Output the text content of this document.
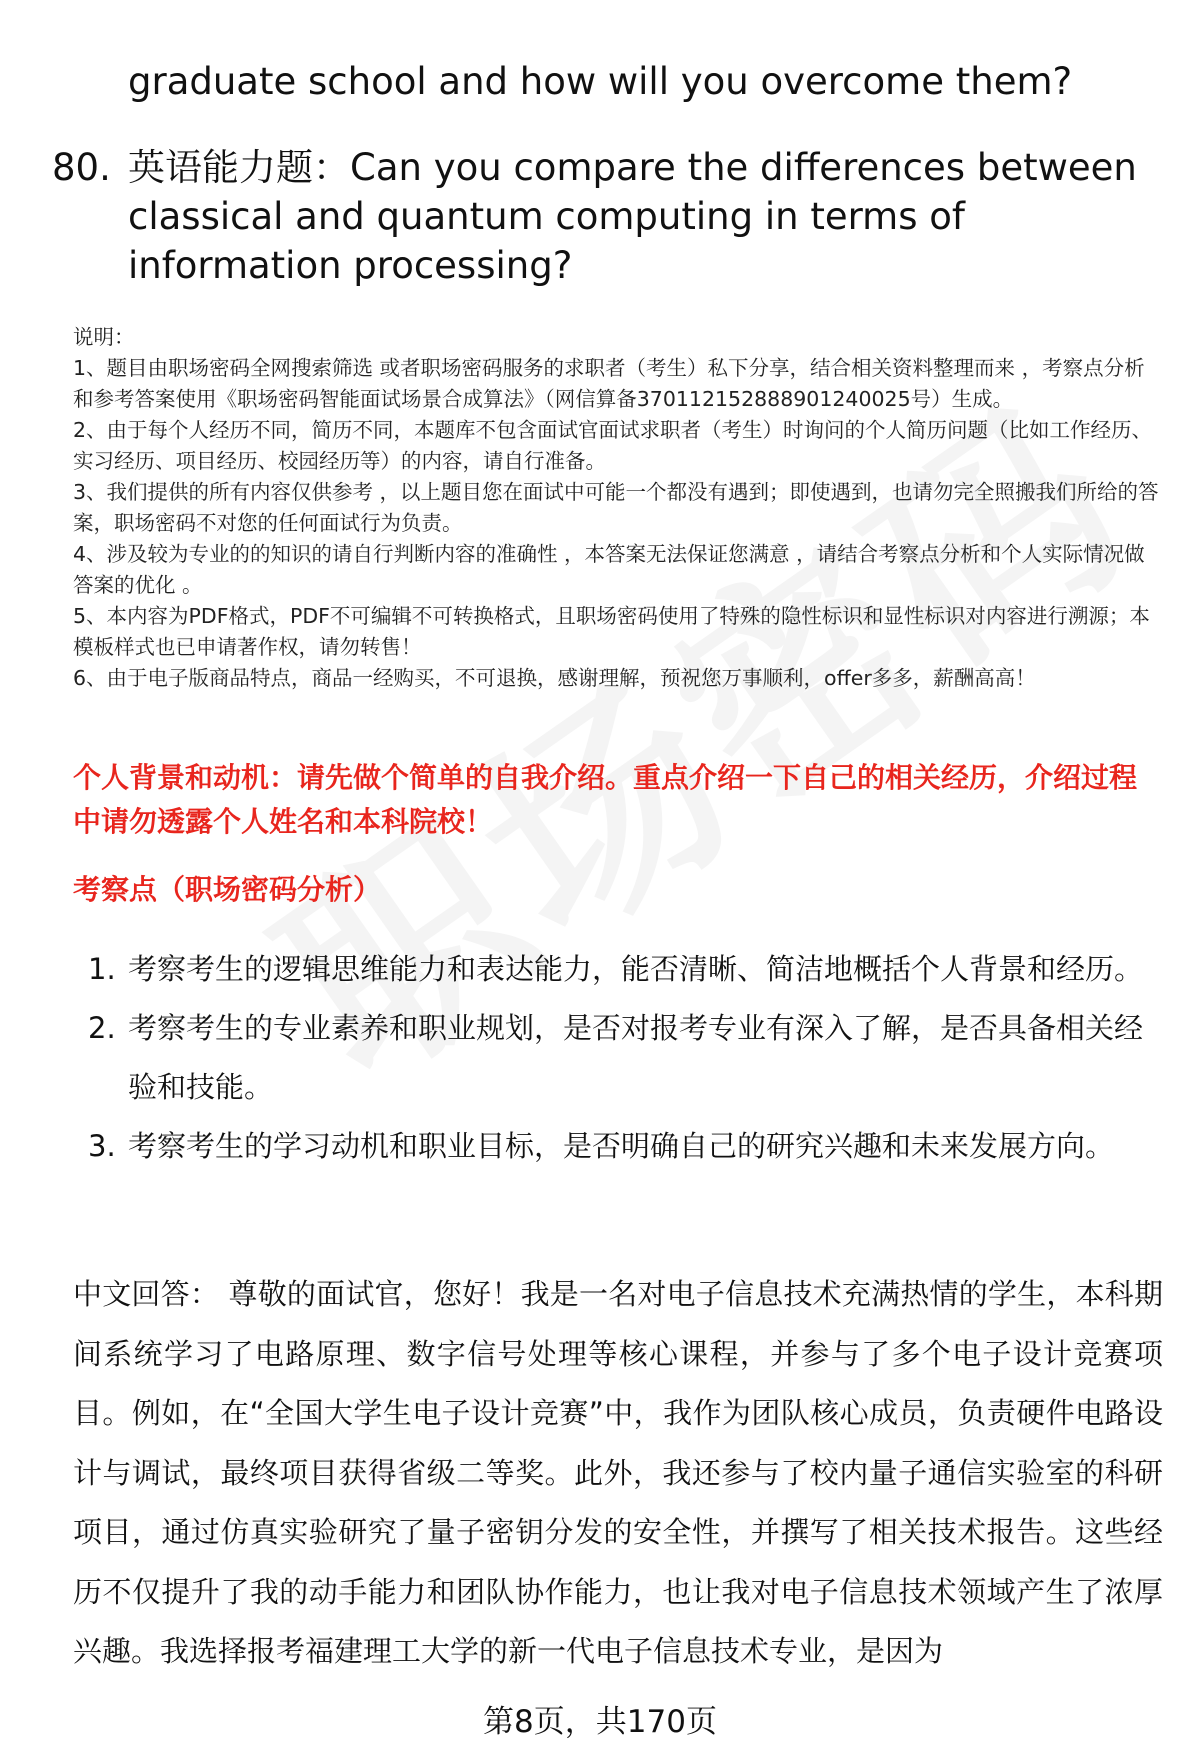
graduate school and how will you overcome them?
80. 英语能力题：Can you compare the differences between classical and quantum computing in terms of information processing?

说明：

1、题目由职场密码全网搜索筛选 或者职场密码服务的求职者（考生）私下分享，结合相关资料整理而来 ，考察点分析和参考答案使用《职场密码智能面试场景合成算法》（网信算备370112152888901240025号）生成。

2、由于每个人经历不同，简历不同，本题库不包含面试官面试求职者（考生）时询问的个人简历问题（比如工作经历、实习经历、项目经历、校园经历等）的内容，请自行准备。

3、我们提供的所有内容仅供参考 ，以上题目您在面试中可能一个都没有遇到；即使遇到，也请勿完全照搬我们所给的答案，职场密码不对您的任何面试行为负责。

4、涉及较为专业的的知识的请自行判断内容的准确性 ，本答案无法保证您满意 ，请结合考察点分析和个人实际情况做答案的优化 。

5、本内容为PDF格式，PDF不可编辑不可转换格式，且职场密码使用了特殊的隐性标识和显性标识对内容进行溯源；本模板样式也已申请著作权，请勿转售！

6、由于电子版商品特点，商品一经购买，不可退换，感谢理解，预祝您万事顺利，offer多多，薪酬高高！

个人背景和动机：请先做个简单的自我介绍。重点介绍一下自己的相关经历，介绍过程中请勿透露个人姓名和本科院校！
考察点（职场密码分析）
1. 考察考生的逻辑思维能力和表达能力，能否清晰、简洁地概括个人背景和经历。
2. 考察考生的专业素养和职业规划，是否对报考专业有深入了解，是否具备相关经验和技能。
3. 考察考生的学习动机和职业目标，是否明确自己的研究兴趣和未来发展方向。
中文回答： 尊敬的面试官，您好！我是一名对电子信息技术充满热情的学生，本科期间系统学习了电路原理、数字信号处理等核心课程，并参与了多个电子设计竞赛项目。例如，在“全国大学生电子设计竞赛”中，我作为团队核心成员，负责硬件电路设计与调试，最终项目获得省级二等奖。此外，我还参与了校内量子通信实验室的科研项目，通过仿真实验研究了量子密钥分发的安全性，并撰写了相关技术报告。这些经历不仅提升了我的动手能力和团队协作能力，也让我对电子信息技术领域产生了浓厚兴趣。我选择报考福建理工大学的新一代电子信息技术专业，是因为
第8页，共170页
